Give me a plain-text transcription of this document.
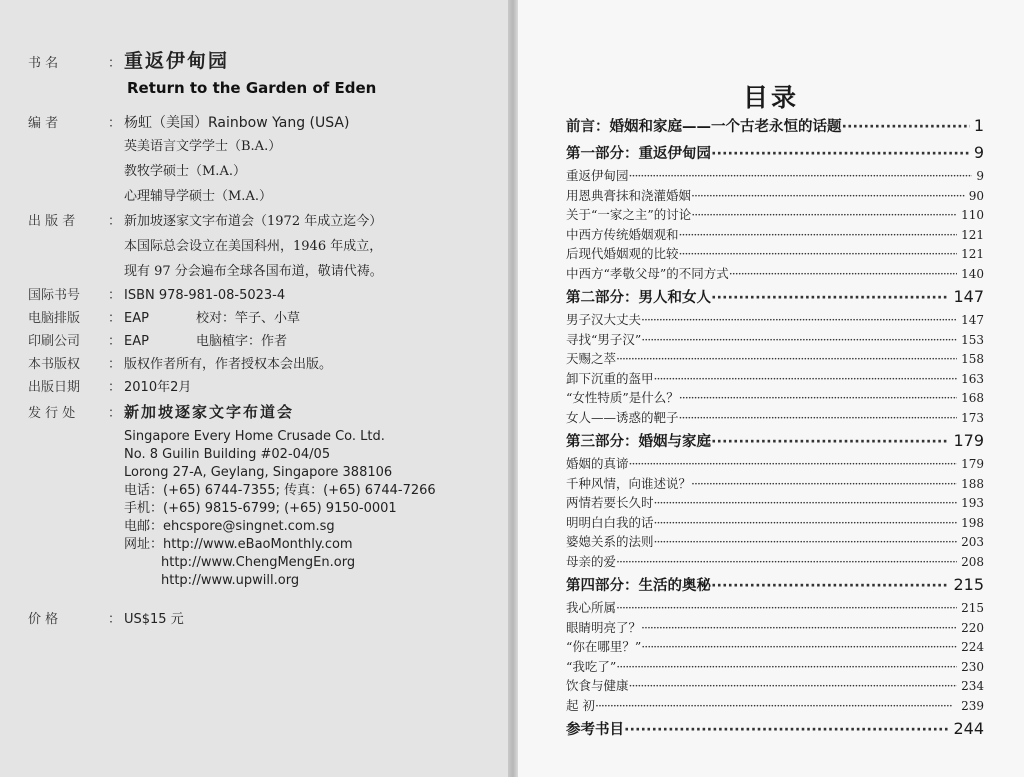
书 名	： 重返伊甸园
Return to the Garden of Eden
编 者	： 杨虹（美国）Rainbow Yang (USA)
英美语言文学学士（B.A.）
教牧学硕士（M.A.）
心理辅导学硕士（M.A.）
出 版 者	： 新加坡逐家文字布道会（1972 年成立迄今）
本国际总会设立在美国科州，1946 年成立，
现有 97 分会遍布全球各国布道，敬请代祷。
国际书号 ： ISBN 978-981-08-5023-4
电脑排版 ： EAP	校对：竿子、小草
印刷公司 ： EAP	电脑植字：作者
本书版权 ： 版权作者所有，作者授权本会出版。
出版日期 ： 2010年2月
发 行 处	： 新加坡逐家文字布道会
Singapore Every Home Crusade Co. Ltd.
No. 8 Guilin Building #02-04/05
Lorong 27-A, Geylang, Singapore 388106
电话：(+65) 6744-7355; 传真：(+65) 6744-7266
手机：(+65) 9815-6799; (+65) 9150-0001
电邮：ehcspore@singnet.com.sg
网址：http://www.eBaoMonthly.com
http://www.ChengMengEn.org
http://www.upwill.org
价 格	： US$15 元
目录
前言：婚姻和家庭——一个古老永恒的话题 ·····	1
第一部分：重返伊甸园 ·····	9
重返伊甸园 ·····	9
用恩典膏抹和浇灌婚姻 ·····	90
关于“一家之主”的讨论 ·····	110
中西方传统婚姻观和 ·····	121
后现代婚姻观的比较 ·····	121
中西方“孝敬父母”的不同方式 ·····	140
第二部分：男人和女人 ·····	147
男子汉大丈夫 ·····	147
寻找“男子汉” ·····	153
天赐之萃 ·····	158
卸下沉重的盔甲 ·····	163
“女性特质”是什么？ ·····	168
女人——诱惑的靶子 ·····	173
第三部分：婚姻与家庭 ·····	179
婚姻的真谛 ·····	179
千种风情，向谁述说？ ·····	188
两情若要长久时 ·····	193
明明白白我的话 ·····	198
婆媳关系的法则 ·····	203
母亲的爱 ·····	208
第四部分：生活的奥秘 ·····	215
我心所属 ·····	215
眼睛明亮了？ ·····	220
“你在哪里？” ·····	224
“我吃了” ·····	230
饮食与健康 ·····	234
起 初 ·····	239
参考书目 ·····	244
